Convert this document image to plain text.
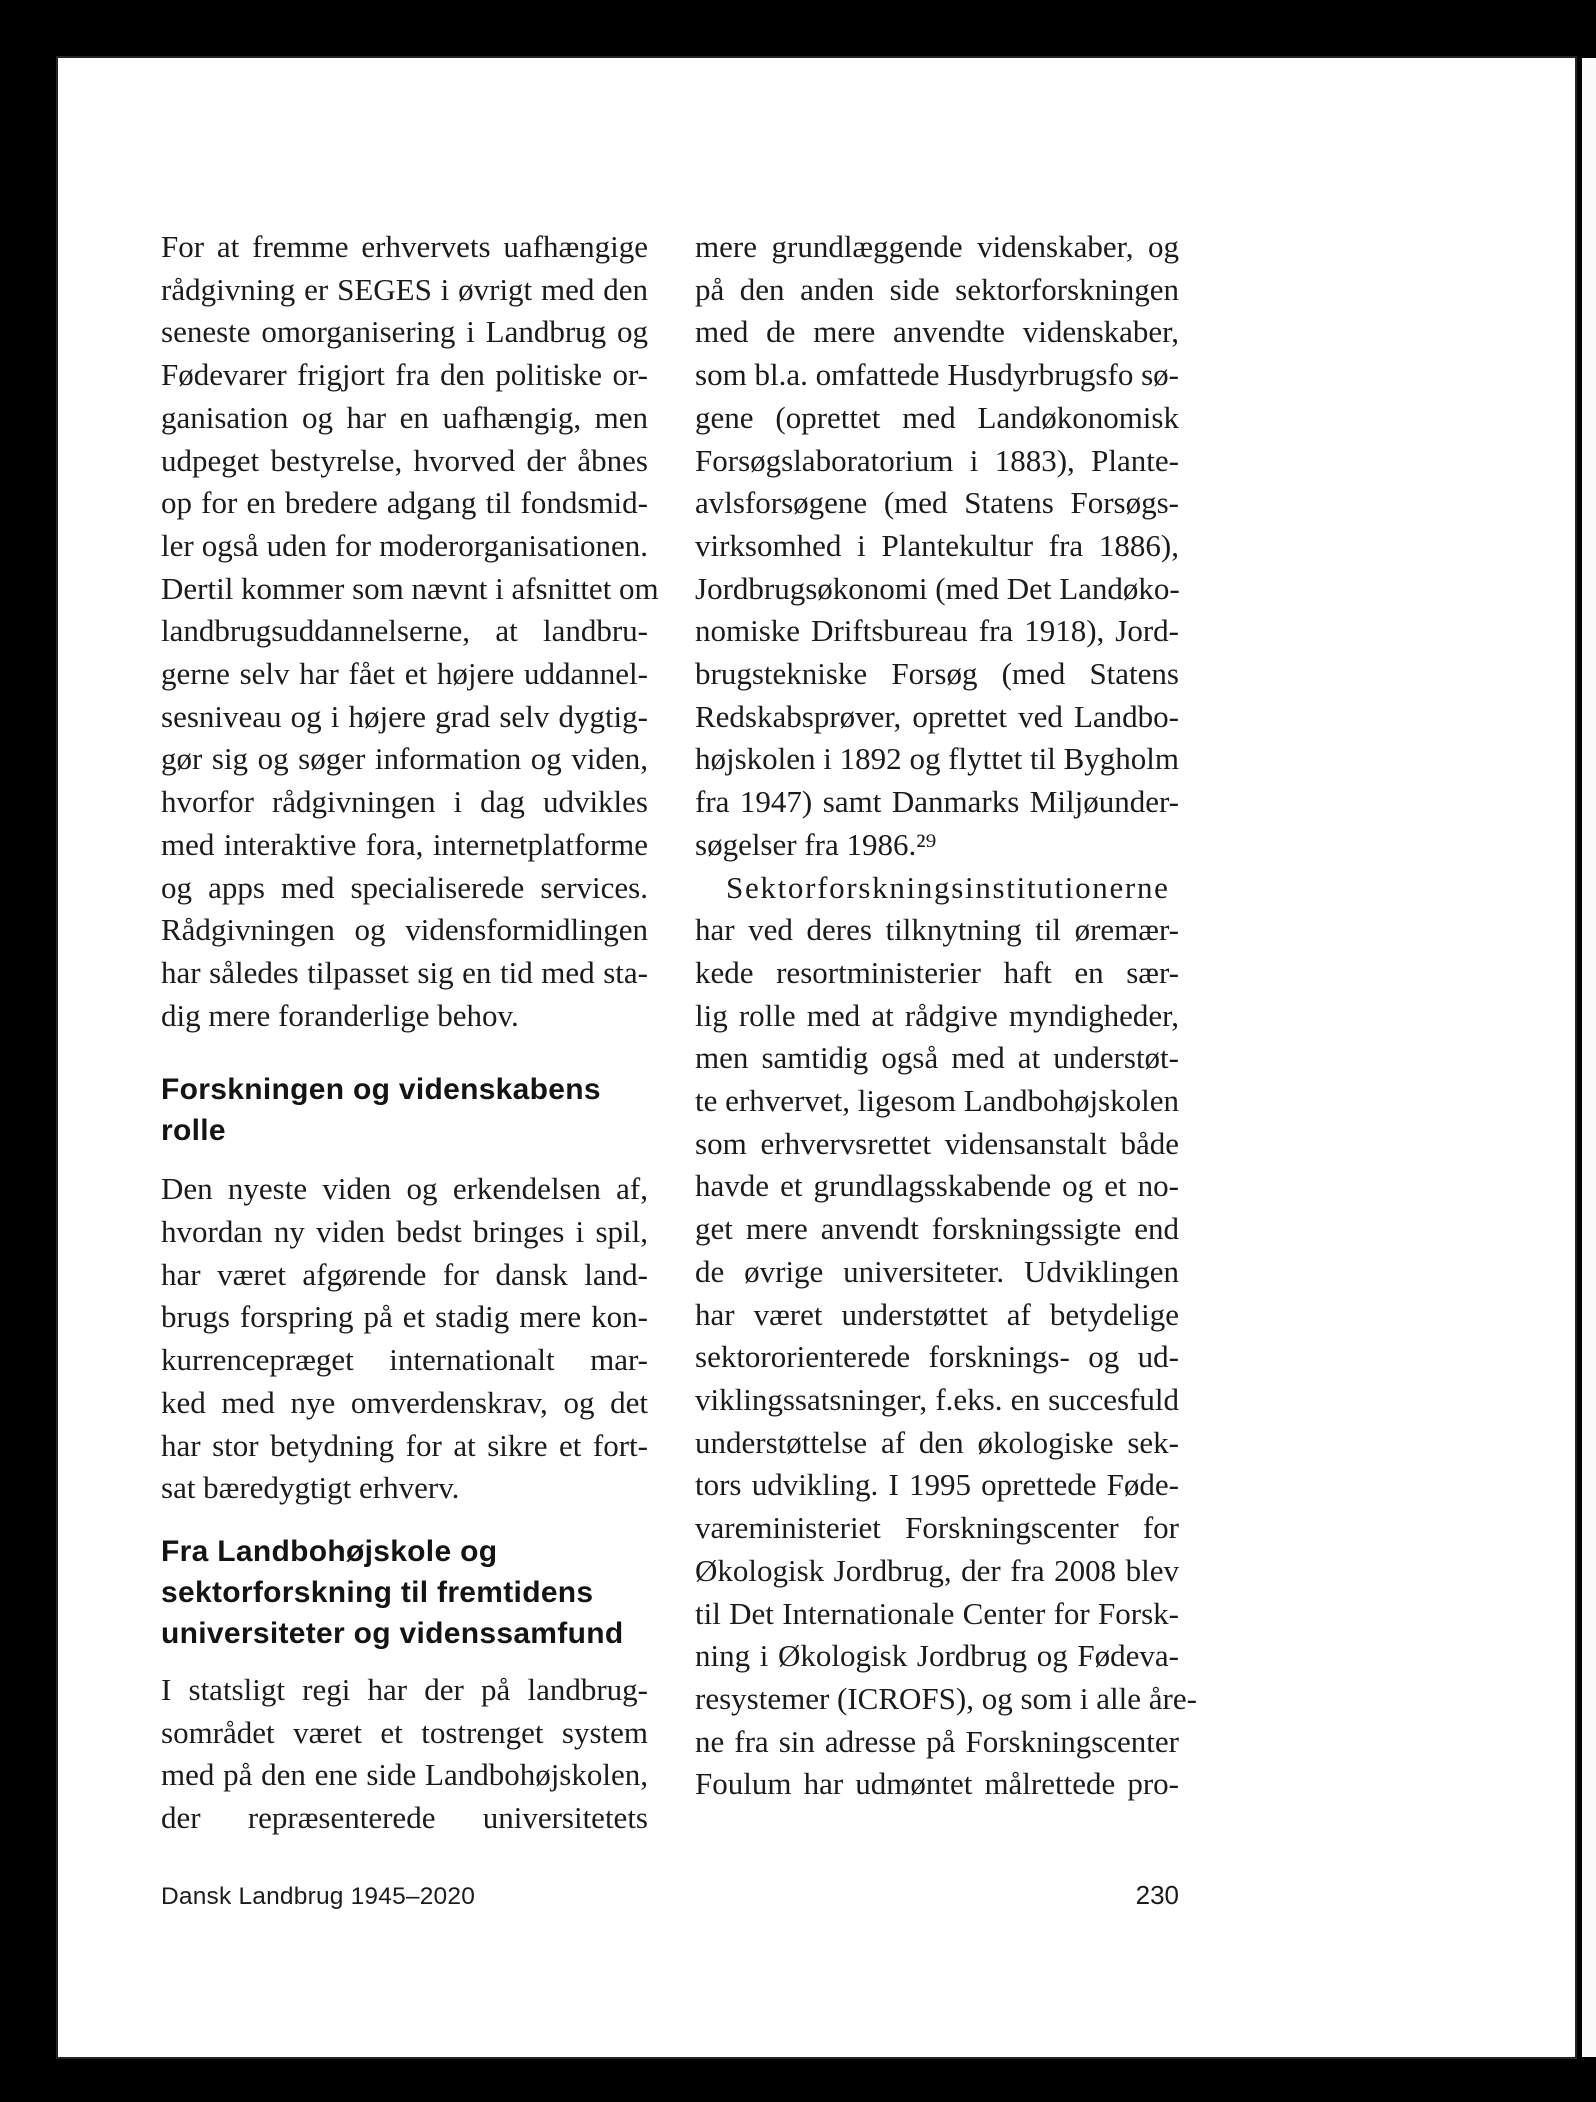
For at fremme erhvervets uafhængige
rådgivning er SEGES i øvrigt med den
seneste omorganisering i Landbrug og
Fødevarer frigjort fra den politiske or-
ganisation og har en uafhængig, men
udpeget bestyrelse, hvorved der åbnes
op for en bredere adgang til fondsmid-
ler også uden for moderorganisationen.
Dertil kommer som nævnt i afsnittet om
landbrugsuddannelserne, at landbru-
gerne selv har fået et højere uddannel-
sesniveau og i højere grad selv dygtig-
gør sig og søger information og viden,
hvorfor rådgivningen i dag udvikles
med interaktive fora, internetplatforme
og apps med specialiserede services.
Rådgivningen og vidensformidlingen
har således tilpasset sig en tid med sta-
dig mere foranderlige behov.
Forskningen og videnskabens rolle
Den nyeste viden og erkendelsen af,
hvordan ny viden bedst bringes i spil,
har været afgørende for dansk land-
brugs forspring på et stadig mere kon-
kurrencepræget internationalt mar-
ked med nye omverdenskrav, og det
har stor betydning for at sikre et fort-
sat bæredygtigt erhverv.
Fra Landbohøjskole og
sektorforskning til fremtidens
universiteter og videnssamfund
I statsligt regi har der på landbrug-
sområdet været et tostrenget system
med på den ene side Landbohøjskolen,
der repræsenterede universitetets
mere grundlæggende videnskaber, og
på den anden side sektorforskningen
med de mere anvendte videnskaber,
som bl.a. omfattede Husdyrbrugsfo sø-
gene (oprettet med Landøkonomisk
Forsøgslaboratorium i 1883), Plante-
avlsforsøgene (med Statens Forsøgs-
virksomhed i Plantekultur fra 1886),
Jordbrugsøkonomi (med Det Landøko-
nomiske Driftsbureau fra 1918), Jord-
brugstekniske Forsøg (med Statens
Redskabsprøver, oprettet ved Landbo-
højskolen i 1892 og flyttet til Bygholm
fra 1947) samt Danmarks Miljøunder-
søgelser fra 1986.²⁹
Sektorforskningsinstitutionerne
har ved deres tilknytning til øremær-
kede resortministerier haft en sær-
lig rolle med at rådgive myndigheder,
men samtidig også med at understøt-
te erhvervet, ligesom Landbohøjskolen
som erhvervsrettet vidensanstalt både
havde et grundlagsskabende og et no-
get mere anvendt forskningssigte end
de øvrige universiteter. Udviklingen
har været understøttet af betydelige
sektororienterede forsknings- og ud-
viklingssatsninger, f.eks. en succesfuld
understøttelse af den økologiske sek-
tors udvikling. I 1995 oprettede Føde-
vareministeriet Forskningscenter for
Økologisk Jordbrug, der fra 2008 blev
til Det Internationale Center for Forsk-
ning i Økologisk Jordbrug og Fødeva-
resystemer (ICROFS), og som i alle åre-
ne fra sin adresse på Forskningscenter
Foulum har udmøntet målrettede pro-
Dansk Landbrug 1945–2020	230
